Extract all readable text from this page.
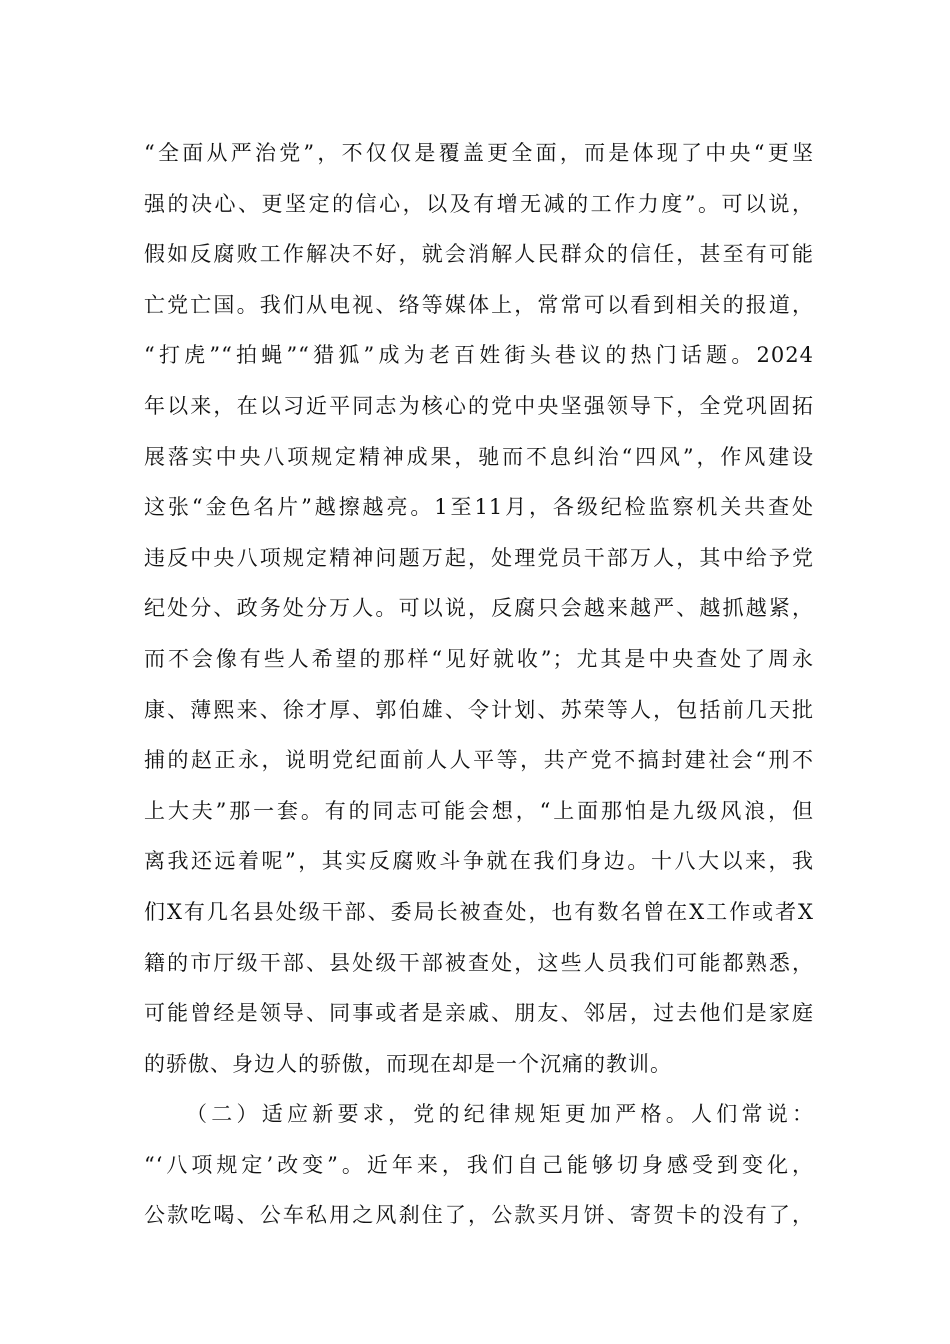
“全面从严治党”，不仅仅是覆盖更全面，而是体现了中央“更坚
强的决心、更坚定的信心，以及有增无减的工作力度”。可以说，
假如反腐败工作解决不好，就会消解人民群众的信任，甚至有可能
亡党亡国。我们从电视、络等媒体上，常常可以看到相关的报道，
“打虎”“拍蝇”“猎狐”成为老百姓街头巷议的热门话题。2024
年以来，在以习近平同志为核心的党中央坚强领导下，全党巩固拓
展落实中央八项规定精神成果，驰而不息纠治“四风”，作风建设
这张“金色名片”越擦越亮。1至11月，各级纪检监察机关共查处
违反中央八项规定精神问题万起，处理党员干部万人，其中给予党
纪处分、政务处分万人。可以说，反腐只会越来越严、越抓越紧，
而不会像有些人希望的那样“见好就收”；尤其是中央查处了周永
康、薄熙来、徐才厚、郭伯雄、令计划、苏荣等人，包括前几天批
捕的赵正永，说明党纪面前人人平等，共产党不搞封建社会“刑不
上大夫”那一套。有的同志可能会想，“上面那怕是九级风浪，但
离我还远着呢”，其实反腐败斗争就在我们身边。十八大以来，我
们X有几名县处级干部、委局长被查处，也有数名曾在X工作或者X
籍的市厅级干部、县处级干部被查处，这些人员我们可能都熟悉，
可能曾经是领导、同事或者是亲戚、朋友、邻居，过去他们是家庭
的骄傲、身边人的骄傲，而现在却是一个沉痛的教训。
（二）适应新要求，党的纪律规矩更加严格。人们常说：
“‘八项规定’改变”。近年来，我们自己能够切身感受到变化，
公款吃喝、公车私用之风刹住了，公款买月饼、寄贺卡的没有了，
